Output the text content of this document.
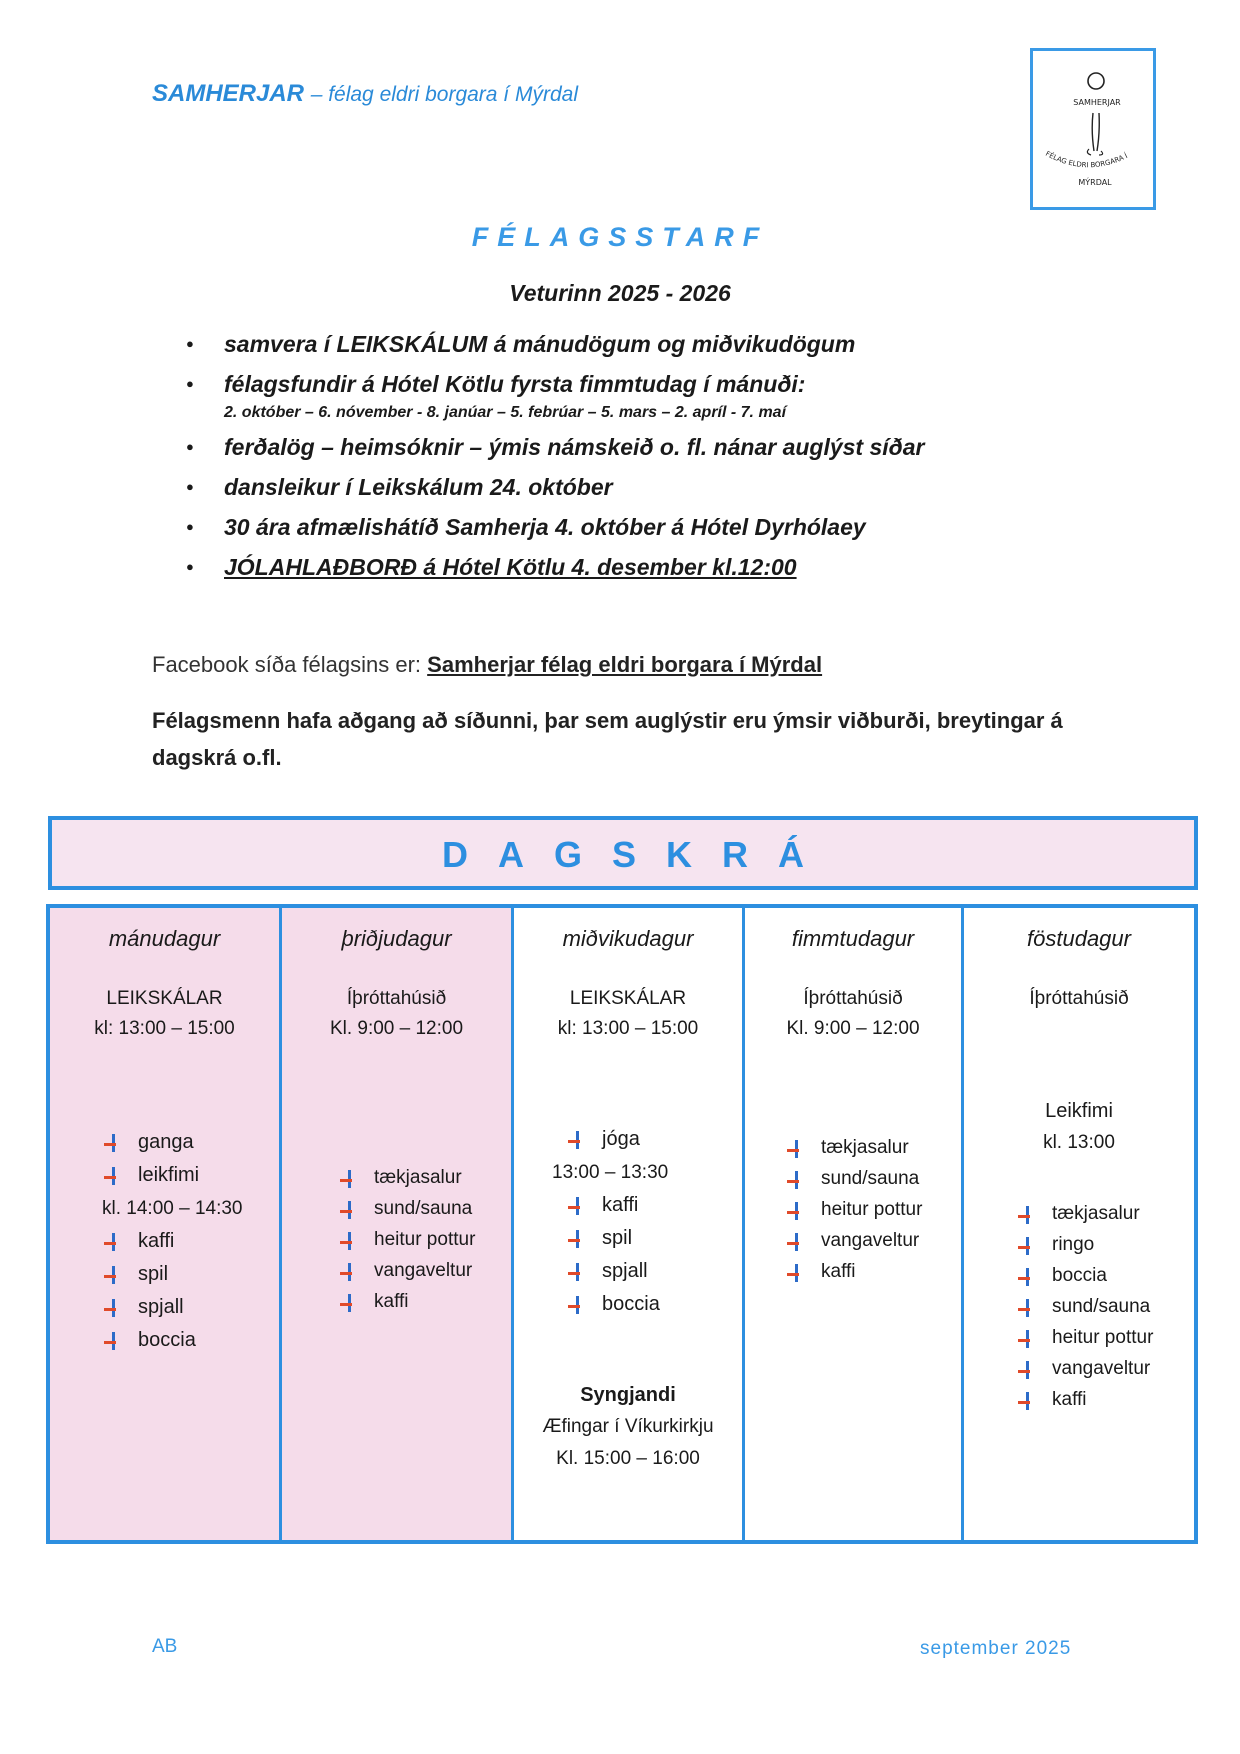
SAMHERJAR – félag eldri borgara í Mýrdal	SAMHERJAR
FÉLAG ELDRI BORGARA Í
MÝRDAL
FÉLAGSSTARF
Veturinn 2025 - 2026
● samvera í LEIKSKÁLUM á mánudögum og miðvikudögum
● félagsfundir á Hótel Kötlu fyrsta fimmtudag í mánuði:
2. október – 6. nóvember - 8. janúar – 5. febrúar – 5. mars – 2. apríl - 7. maí
● ferðalög – heimsóknir – ýmis námskeið o. fl. nánar auglýst síðar
● dansleikur í Leikskálum 24. október
● 30 ára afmælishátíð Samherja 4. október á Hótel Dyrhólaey
● JÓLAHLAÐBORÐ á Hótel Kötlu 4. desember kl.12:00
Facebook síða félagsins er: Samherjar félag eldri borgara í Mýrdal
Félagsmenn hafa aðgang að síðunni, þar sem auglýstir eru ýmsir viðburði, breytingar á dagskrá o.fl.
DAGSKRÁ
mánudagur
LEIKSKÁLAR
kl: 13:00 – 15:00
ganga
leikfimi
kl. 14:00 – 14:30
kaffi
spil
spjall
boccia
þriðjudagur
Íþróttahúsið
Kl. 9:00 – 12:00
tækjasalur
sund/sauna
heitur pottur
vangaveltur
kaffi
miðvikudagur
LEIKSKÁLAR
kl: 13:00 – 15:00
jóga
13:00 – 13:30
kaffi
spil
spjall
boccia
Syngjandi
Æfingar í Víkurkirkju
Kl. 15:00 – 16:00
fimmtudagur
Íþróttahúsið
Kl. 9:00 – 12:00
tækjasalur
sund/sauna
heitur pottur
vangaveltur
kaffi
föstudagur
Íþróttahúsið
Leikfimi
kl. 13:00
tækjasalur
ringo
boccia
sund/sauna
heitur pottur
vangaveltur
kaffi
AB	september 2025
